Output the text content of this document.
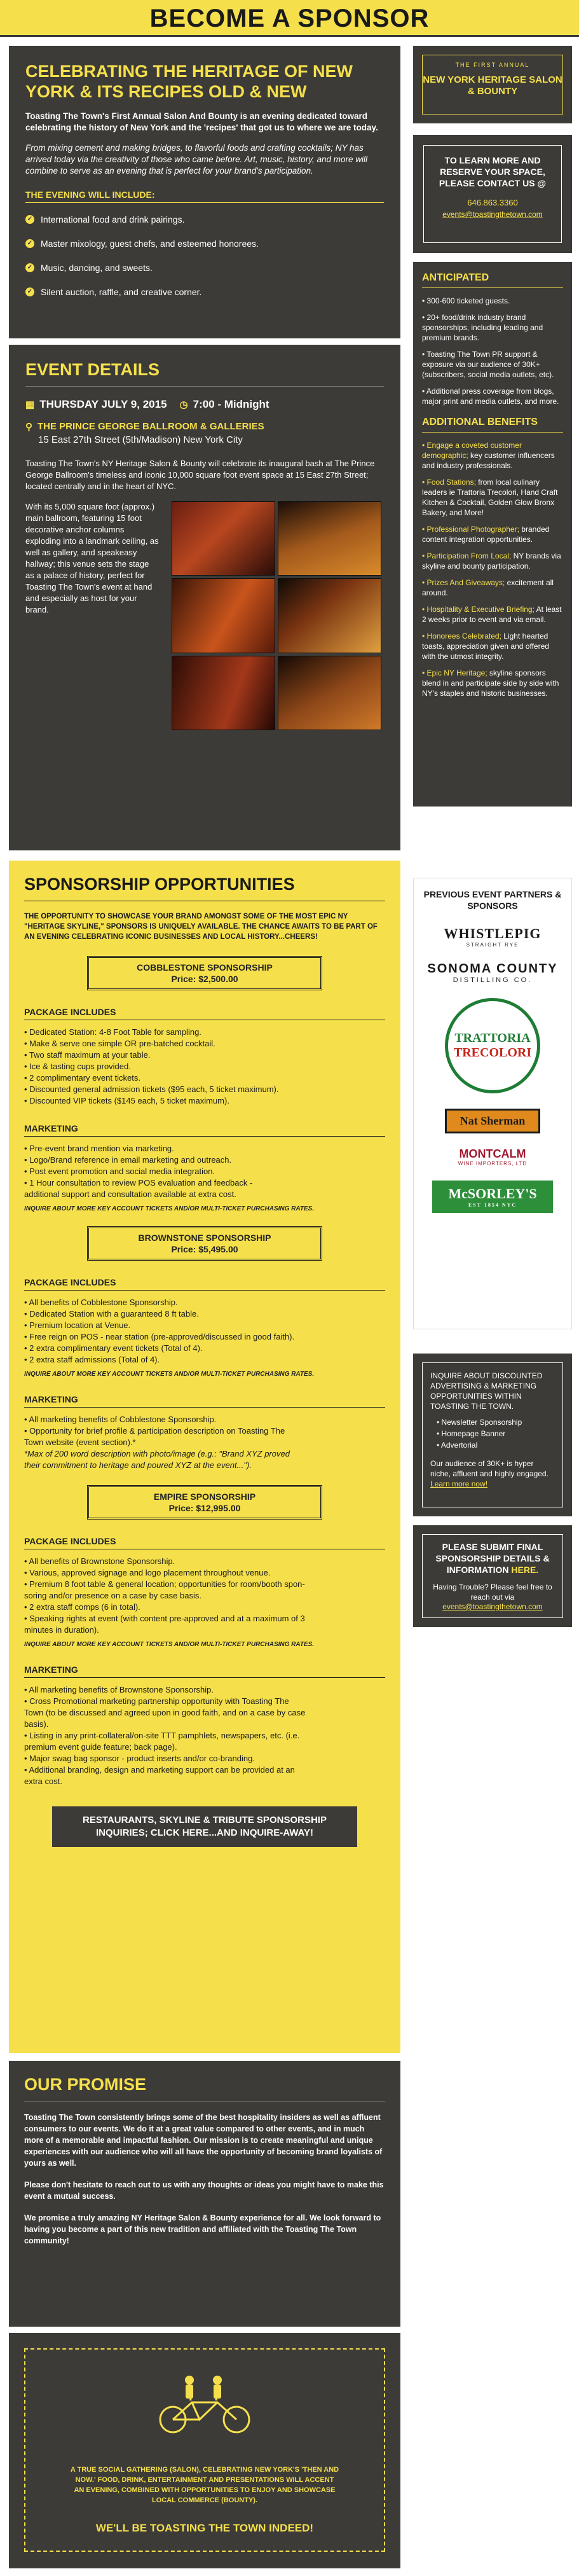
BECOME A SPONSOR
CELEBRATING THE HERITAGE OF NEW YORK & ITS RECIPES OLD & NEW

Toasting The Town's First Annual Salon And Bounty is an evening dedicated toward celebrating the history of New York and the 'recipes' that got us to where we are today.

From mixing cement and making bridges, to flavorful foods and crafting cocktails; NY has arrived today via the creativity of those who came before. Art, music, history, and more will combine to serve as an evening that is perfect for your brand's participation.

THE EVENING WILL INCLUDE:
✓ International food and drink pairings.
✓ Master mixology, guest chefs, and esteemed honorees.
✓ Music, dancing, and sweets.
✓ Silent auction, raffle, and creative corner.
EVENT DETAILS
▦ THURSDAY JULY 9, 2015 ◷ 7:00 - Midnight
⚲ THE PRINCE GEORGE BALLROOM & GALLERIES
15 East 27th Street (5th/Madison) New York City

Toasting The Town's NY Heritage Salon & Bounty will celebrate its inaugural bash at The Prince George Ballroom's timeless and iconic 10,000 square foot event space at 15 East 27th Street; located centrally and in the heart of NYC.

With its 5,000 square foot (approx.) main ballroom, featuring 15 foot decorative anchor columns exploding into a landmark ceiling, as well as gallery, and speakeasy hallway; this venue sets the stage as a palace of history, perfect for Toasting The Town's event at hand and especially as host for your brand.

SPONSORSHIP OPPORTUNITIES
THE OPPORTUNITY TO SHOWCASE YOUR BRAND AMONGST SOME OF THE MOST EPIC NY "HERITAGE SKYLINE," SPONSORS IS UNIQUELY AVAILABLE. THE CHANCE AWAITS TO BE PART OF AN EVENING CELEBRATING ICONIC BUSINESSES AND LOCAL HISTORY...CHEERS!
COBBLESTONE SPONSORSHIP
Price: $2,500.00
PACKAGE INCLUDES
• Dedicated Station: 4-8 Foot Table for sampling.
• Make & serve one simple OR pre-batched cocktail.
• Two staff maximum at your table.
• Ice & tasting cups provided.
• 2 complimentary event tickets.
• Discounted general admission tickets ($95 each, 5 ticket maximum).
• Discounted VIP tickets ($145 each, 5 ticket maximum).
MARKETING
• Pre-event brand mention via marketing.
• Logo/Brand reference in email marketing and outreach.
• Post event promotion and social media integration.
• 1 Hour consultation to review POS evaluation and feedback -
additional support and consultation available at extra cost.
INQUIRE ABOUT MORE KEY ACCOUNT TICKETS AND/OR MULTI-TICKET PURCHASING RATES.
BROWNSTONE SPONSORSHIP
Price: $5,495.00
PACKAGE INCLUDES
• All benefits of Cobblestone Sponsorship.
• Dedicated Station with a guaranteed 8 ft table.
• Premium location at Venue.
• Free reign on POS - near station (pre-approved/discussed in good faith).
• 2 extra complimentary event tickets (Total of 4).
• 2 extra staff admissions (Total of 4).
INQUIRE ABOUT MORE KEY ACCOUNT TICKETS AND/OR MULTI-TICKET PURCHASING RATES.
MARKETING
• All marketing benefits of Cobblestone Sponsorship.
• Opportunity for brief profile & participation description on Toasting The
Town website (event section).*
*Max of 200 word description with photo/image (e.g.: "Brand XYZ proved
their commitment to heritage and poured XYZ at the event...").
EMPIRE SPONSORSHIP
Price: $12,995.00
PACKAGE INCLUDES
• All benefits of Brownstone Sponsorship.
• Various, approved signage and logo placement throughout venue.
• Premium 8 foot table & general location; opportunities for room/booth spon-
soring and/or presence on a case by case basis.
• 2 extra staff comps (6 in total).
• Speaking rights at event (with content pre-approved and at a maximum of 3
minutes in duration).
INQUIRE ABOUT MORE KEY ACCOUNT TICKETS AND/OR MULTI-TICKET PURCHASING RATES.
MARKETING
• All marketing benefits of Brownstone Sponsorship.
• Cross Promotional marketing partnership opportunity with Toasting The
Town (to be discussed and agreed upon in good faith, and on a case by case
basis).
• Listing in any print-collateral/on-site TTT pamphlets, newspapers, etc. (i.e.
premium event guide feature; back page).
• Major swag bag sponsor - product inserts and/or co-branding.
• Additional branding, design and marketing support can be provided at an
extra cost.
RESTAURANTS, SKYLINE & TRIBUTE SPONSORSHIP INQUIRIES; CLICK HERE...AND INQUIRE-AWAY!
OUR PROMISE

Toasting The Town consistently brings some of the best hospitality insiders as well as affluent consumers to our events. We do it at a great value compared to other events, and in much more of a memorable and impactful fashion. Our mission is to create meaningful and unique experiences with our audience who will all have the opportunity of becoming brand loyalists of yours as well.

Please don't hesitate to reach out to us with any thoughts or ideas you might have to make this event a mutual success.

We promise a truly amazing NY Heritage Salon & Bounty experience for all. We look forward to having you become a part of this new tradition and affiliated with the Toasting The Town community!

A TRUE SOCIAL GATHERING (SALON), CELEBRATING NEW YORK'S 'THEN AND NOW.' FOOD, DRINK, ENTERTAINMENT AND PRESENTATIONS WILL ACCENT AN EVENING, COMBINED WITH OPPORTUNITIES TO ENJOY AND SHOWCASE LOCAL COMMERCE (BOUNTY).
WE'LL BE TOASTING THE TOWN INDEED!
THE FIRST ANNUAL
NEW YORK HERITAGE SALON & BOUNTY
TO LEARN MORE AND RESERVE YOUR SPACE, PLEASE CONTACT US @
646.863.3360
events@toastingthetown.com
ANTICIPATED
• 300-600 ticketed guests.
• 20+ food/drink industry brand sponsorships, including leading and premium brands.
• Toasting The Town PR support & exposure via our audience of 30K+ (subscribers, social media outlets, etc).
• Additional press coverage from blogs, major print and media outlets, and more.
ADDITIONAL BENEFITS
• Engage a coveted customer demographic; key customer influencers and industry professionals.
• Food Stations; from local culinary leaders ie Trattoria Trecolori, Hand Craft Kitchen & Cocktail, Golden Glow Bronx Bakery, and More!
• Professional Photographer; branded content integration opportunities.
• Participation From Local; NY brands via skyline and bounty participation.
• Prizes And Giveaways; excitement all around.
• Hospitality & Executive Briefing; At least 2 weeks prior to event and via email.
• Honorees Celebrated; Light hearted toasts, appreciation given and offered with the utmost integrity.
• Epic NY Heritage; skyline sponsors blend in and participate side by side with NY's staples and historic businesses.
PREVIOUS EVENT PARTNERS & SPONSORS
WHISTLEPIG
STRAIGHT RYE
SONOMA COUNTY
DISTILLING CO.
TRATTORIA
TRECOLORI
Nat Sherman
MONTCALM
WINE IMPORTERS, LTD
McSORLEY'S
EST 1854 NYC
INQUIRE ABOUT DISCOUNTED ADVERTISING & MARKETING OPPORTUNITIES WITHIN TOASTING THE TOWN.
• Newsletter Sponsorship
• Homepage Banner
• Advertorial
Our audience of 30K+ is hyper niche, affluent and highly engaged. Learn more now!
PLEASE SUBMIT FINAL SPONSORSHIP DETAILS & INFORMATION HERE.
Having Trouble? Please feel free to reach out via
events@toastingthetown.com
